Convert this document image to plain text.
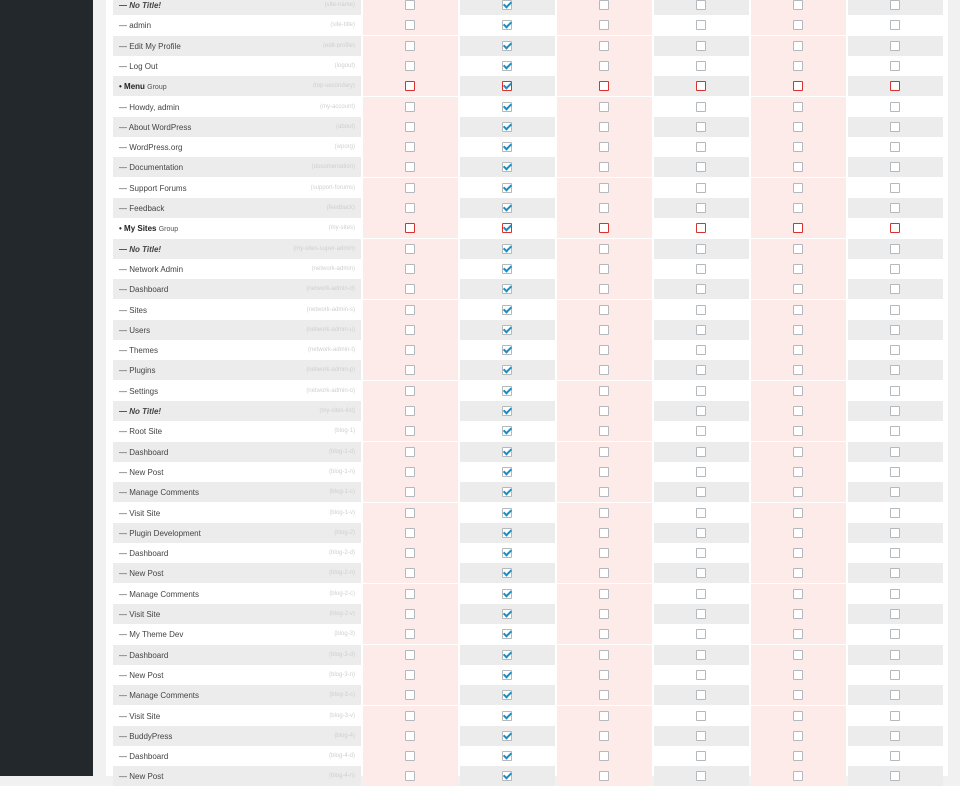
— No Title!	(site-name)
— admin	(site-title)
— Edit My Profile	(edit-profile)
— Log Out	(logout)
• Menu Group	(top-secondary)
— Howdy, admin	(my-account)
— About WordPress	(about)
— WordPress.org	(wporg)
— Documentation	(documentation)
— Support Forums	(support-forums)
— Feedback	(feedback)
• My Sites Group	(my-sites)
— No Title!	(my-sites-super-admin)
— Network Admin	(network-admin)
— Dashboard	(network-admin-d)
— Sites	(network-admin-s)
— Users	(network-admin-u)
— Themes	(network-admin-t)
— Plugins	(network-admin-p)
— Settings	(network-admin-o)
— No Title!	(my-sites-list)
— Root Site	(blog-1)
— Dashboard	(blog-1-d)
— New Post	(blog-1-n)
— Manage Comments	(blog-1-c)
— Visit Site	(blog-1-v)
— Plugin Development	(blog-2)
— Dashboard	(blog-2-d)
— New Post	(blog-2-n)
— Manage Comments	(blog-2-c)
— Visit Site	(blog-2-v)
— My Theme Dev	(blog-3)
— Dashboard	(blog-3-d)
— New Post	(blog-3-n)
— Manage Comments	(blog-3-c)
— Visit Site	(blog-3-v)
— BuddyPress	(blog-4)
— Dashboard	(blog-4-d)
— New Post	(blog-4-n)
